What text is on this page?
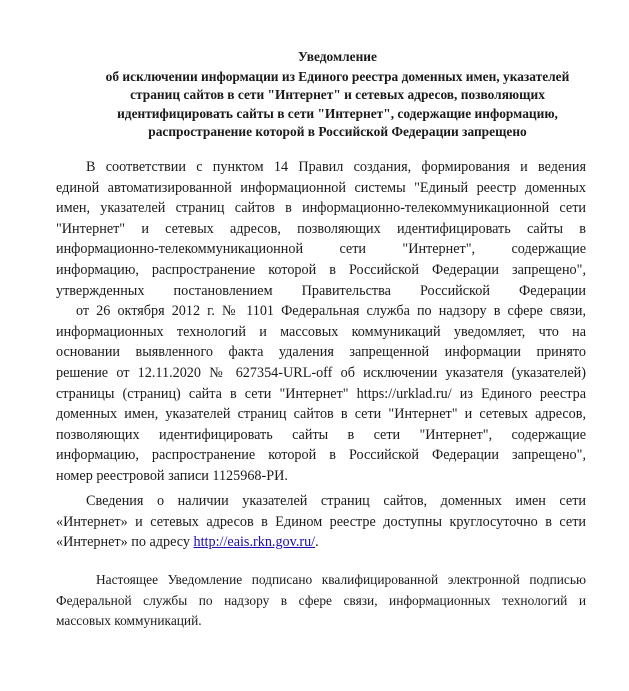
Уведомление
об исключении информации из Единого реестра доменных имен, указателей
страниц сайтов в сети "Интернет" и сетевых адресов, позволяющих
идентифицировать сайты в сети "Интернет", содержащие информацию,
распространение которой в Российской Федерации запрещено
В соответствии с пунктом 14 Правил создания, формирования и ведения
единой автоматизированной информационной системы "Единый реестр доменных
имен, указателей страниц сайтов в информационно-телекоммуникационной сети
"Интернет" и сетевых адресов, позволяющих идентифицировать сайты в
информационно-телекоммуникационной сети "Интернет", содержащие
информацию, распространение которой в Российской Федерации запрещено",
утвержденных постановлением Правительства Российской Федерации
от 26 октября 2012 г. № 1101 Федеральная служба по надзору в сфере связи,
информационных технологий и массовых коммуникаций уведомляет, что на
основании выявленного факта удаления запрещенной информации принято
решение от 12.11.2020 № 627354-URL-off об исключении указателя (указателей)
страницы (страниц) сайта в сети "Интернет" https://urklad.ru/ из Единого реестра
доменных имен, указателей страниц сайтов в сети "Интернет" и сетевых адресов,
позволяющих идентифицировать сайты в сети "Интернет", содержащие
информацию, распространение которой в Российской Федерации запрещено",
номер реестровой записи 1125968-РИ.
Сведения о наличии указателей страниц сайтов, доменных имен сети
«Интернет» и сетевых адресов в Едином реестре доступны круглосуточно в сети
«Интернет» по адресу http://eais.rkn.gov.ru/.
Настоящее Уведомление подписано квалифицированной электронной подписью
Федеральной службы по надзору в сфере связи, информационных технологий и
массовых коммуникаций.
